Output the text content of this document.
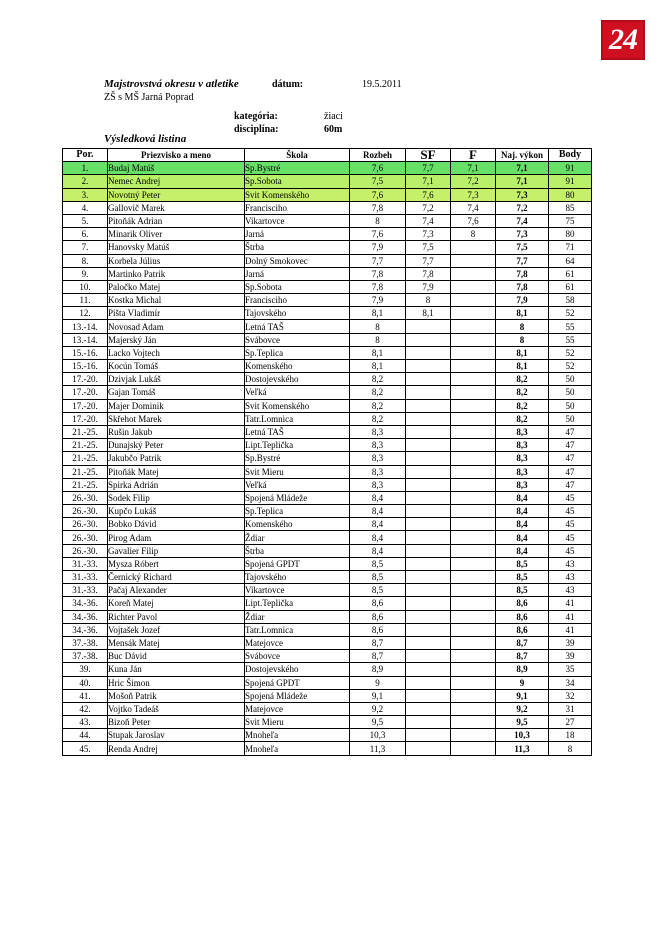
24
Majstrovstvá okresu v atletike	dátum:	19.5.2011
ZŠ s MŠ Jarná Poprad
kategória:	žiaci
disciplína:	60m
Výsledková listina
Por.	Priezvisko a meno	Škola	Rozbeh	SF	F	Naj. výkon	Body
1.	Budaj Matúš	Sp.Bystré	7,6	7,7	7,1	7,1	91
2.	Nemec Andrej	Sp.Sobota	7,5	7,1	7,2	7,1	91
3.	Novotný Peter	Svit Komenského	7,6	7,6	7,3	7,3	80
4.	Gallovič Marek	Francisciho	7,8	7,2	7,4	7,2	85
5.	Pitoňák Adrian	Vikartovce	8	7,4	7,6	7,4	75
6.	Minarik Oliver	Jarná	7,6	7,3	8	7,3	80
7.	Hanovsky Matúš	Štrba	7,9	7,5		7,5	71
8.	Korbela Július	Dolný Smokovec	7,7	7,7		7,7	64
9.	Martinko Patrik	Jarná	7,8	7,8		7,8	61
10.	Paločko Matej	Sp.Sobota	7,8	7,9		7,8	61
11.	Kostka Michal	Francisciho	7,9	8		7,9	58
12.	Pišta Vladimír	Tajovského	8,1	8,1		8,1	52
13.-14.	Novosad Adam	Letná TAŠ	8			8	55
13.-14.	Majerský Ján	Svábovce	8			8	55
15.-16.	Lacko Vojtech	Sp.Teplica	8,1			8,1	52
15.-16.	Kocún Tomáš	Komenského	8,1			8,1	52
17.-20.	Dzivjak Lukáš	Dostojevského	8,2			8,2	50
17.-20.	Gajan Tomáš	Veľká	8,2			8,2	50
17.-20.	Majer Dominik	Svit Komenského	8,2			8,2	50
17.-20.	Skřehot Marek	Tatr.Lomnica	8,2			8,2	50
21.-25.	Rušin Jakub	Letná TAŠ	8,3			8,3	47
21.-25.	Dunajský Peter	Lipt.Teplička	8,3			8,3	47
21.-25.	Jakubčo Patrik	Sp.Bystré	8,3			8,3	47
21.-25.	Pitoňák Matej	Svit Mieru	8,3			8,3	47
21.-25.	Spirka Adrián	Veľká	8,3			8,3	47
26.-30.	Sodek Filip	Spojená Mládeže	8,4			8,4	45
26.-30.	Kupčo Lukáš	Sp.Teplica	8,4			8,4	45
26.-30.	Bobko Dávid	Komenského	8,4			8,4	45
26.-30.	Pirog Adam	Ždiar	8,4			8,4	45
26.-30.	Gavalier Filip	Štrba	8,4			8,4	45
31.-33.	Mysza Róbert	Spojená GPDT	8,5			8,5	43
31.-33.	Černický Richard	Tajovského	8,5			8,5	43
31.-33.	Pačaj Alexander	Vikartovce	8,5			8,5	43
34.-36.	Koreň Matej	Lipt.Teplička	8,6			8,6	41
34.-36.	Richter Pavol	Ždiar	8,6			8,6	41
34.-36.	Vojtašek Jozef	Tatr.Lomnica	8,6			8,6	41
37.-38.	Mensák Matej	Matejovce	8,7			8,7	39
37.-38.	Buc Dávid	Svábovce	8,7			8,7	39
39.	Kuna Ján	Dostojevského	8,9			8,9	35
40.	Hric Šimon	Spojená GPDT	9			9	34
41.	Mošoň Patrik	Spojená Mládeže	9,1			9,1	32
42.	Vojtko Tadeáš	Matejovce	9,2			9,2	31
43.	Bizoň Peter	Svit Mieru	9,5			9,5	27
44.	Stupak Jaroslav	Mnoheľa	10,3			10,3	18
45.	Renda Andrej	Mnoheľa	11,3			11,3	8
